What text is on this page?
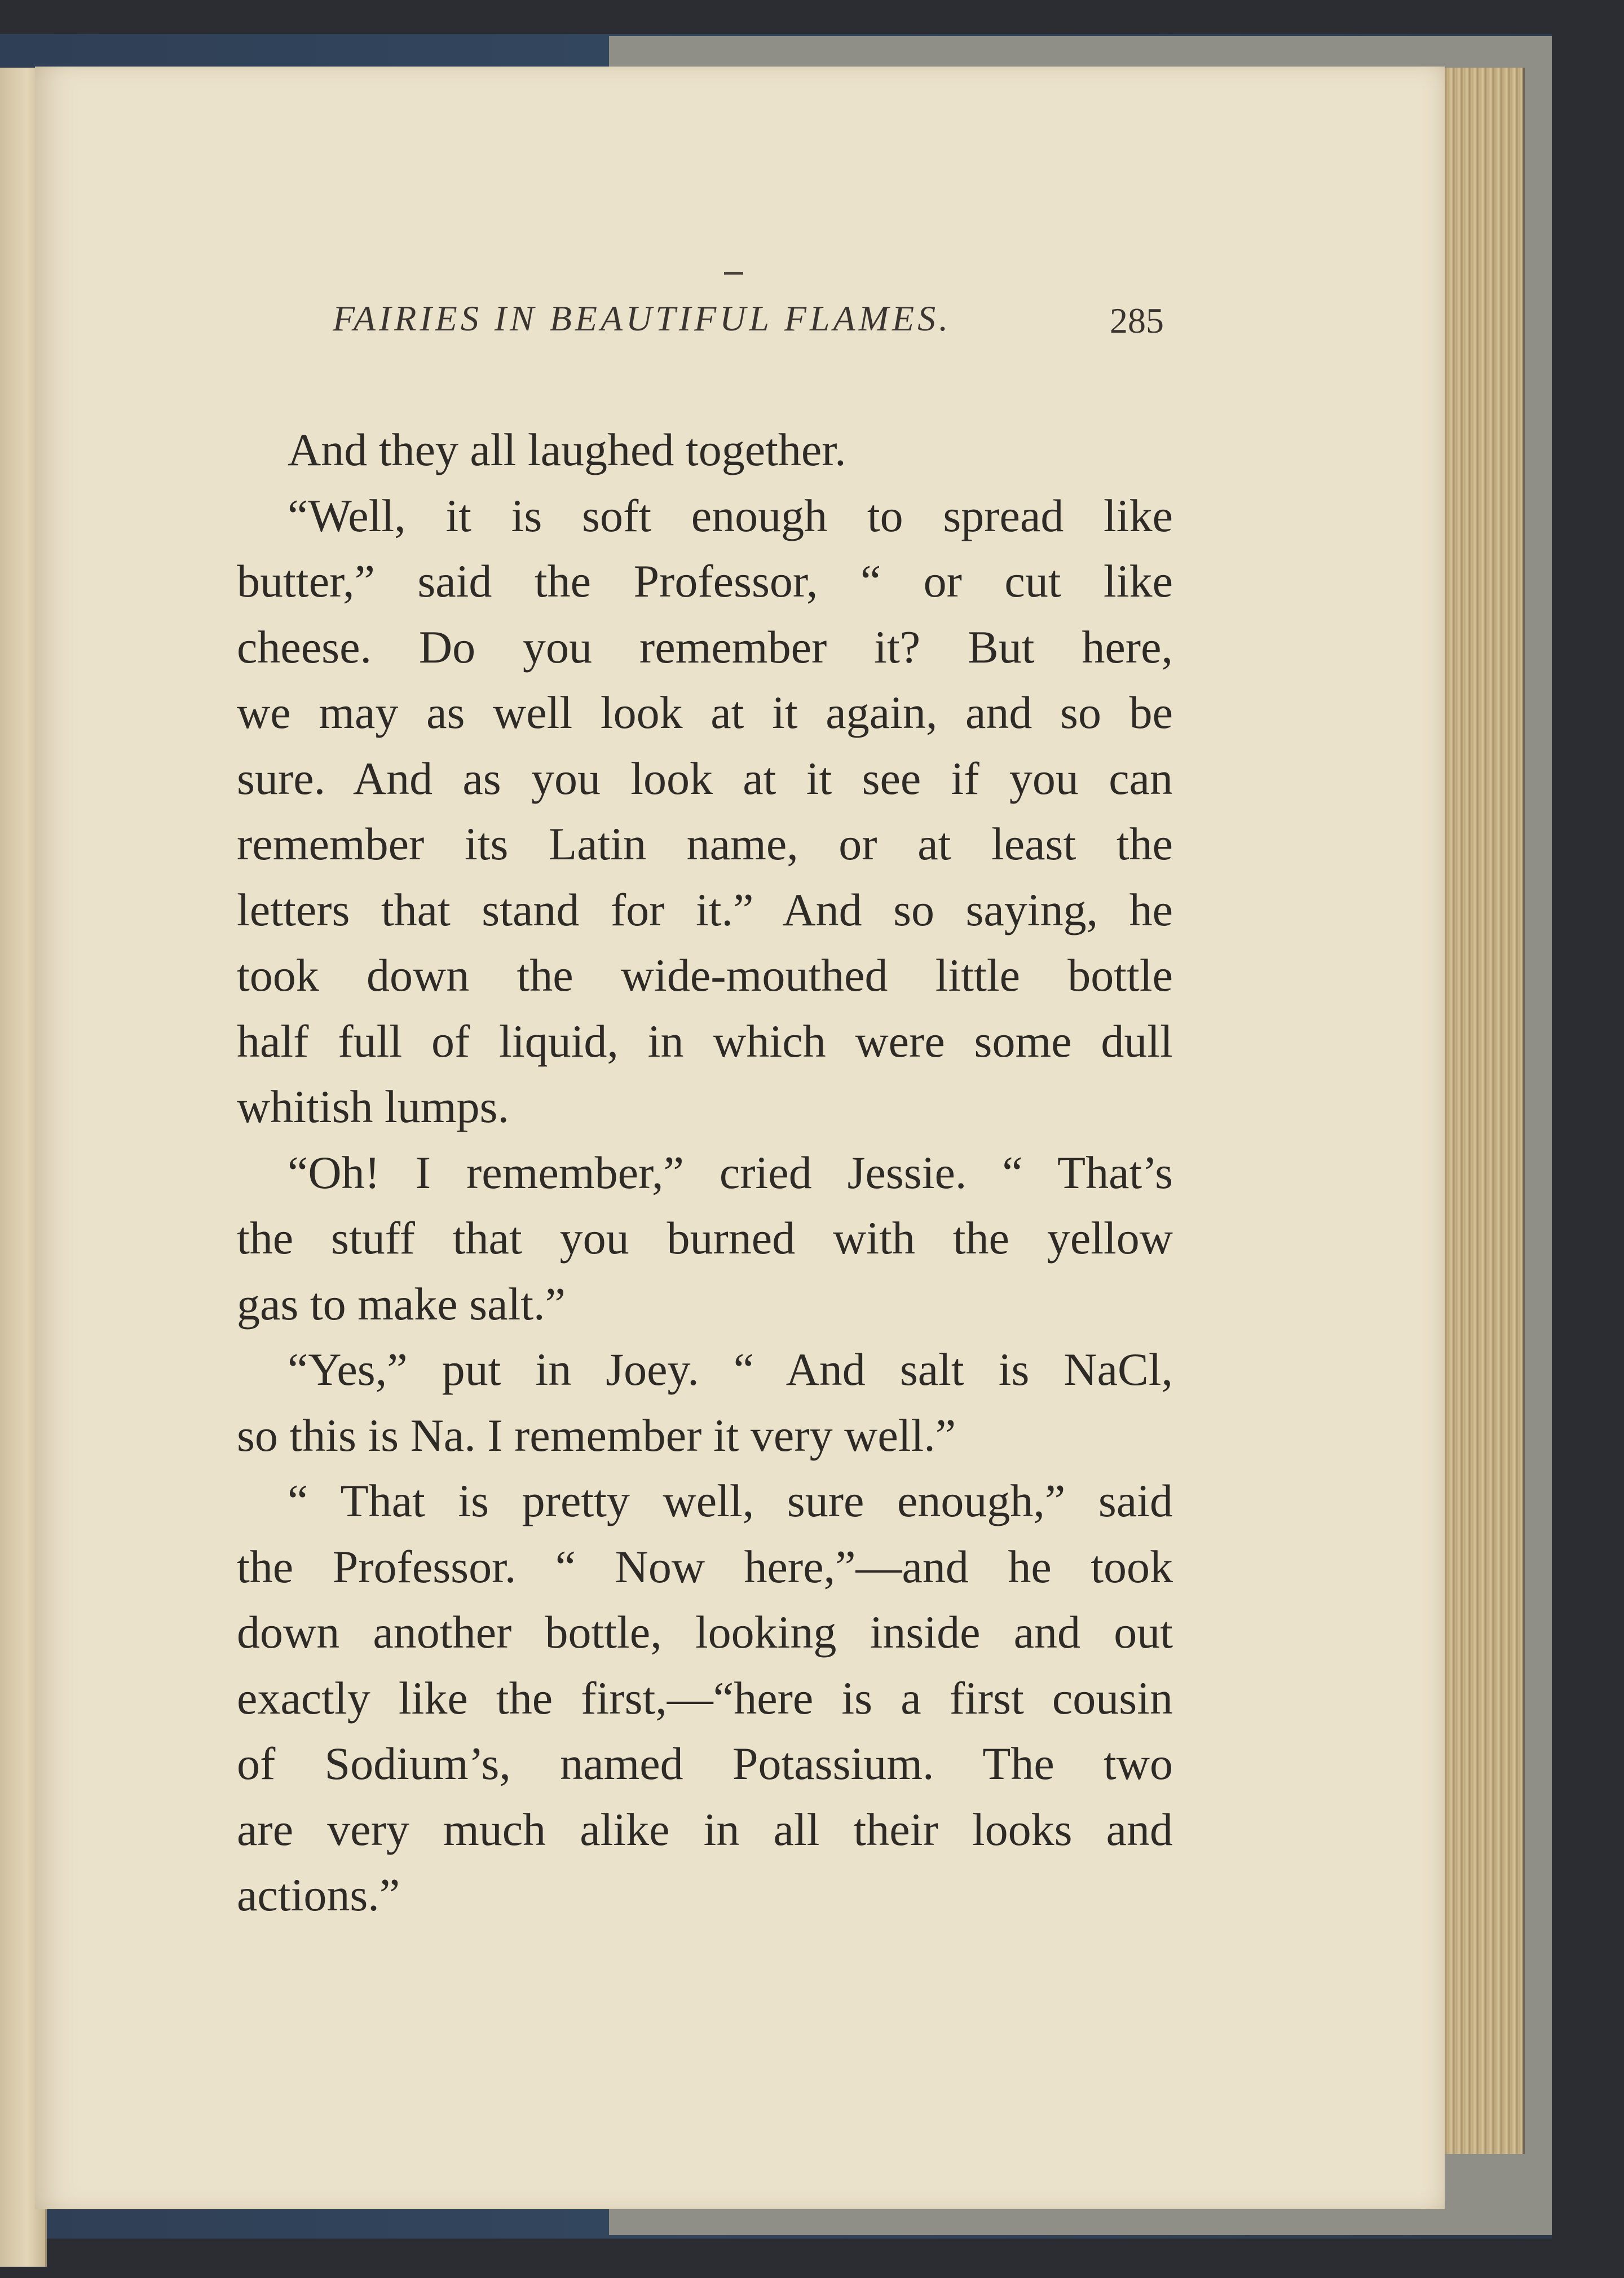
FAIRIES IN BEAUTIFUL FLAMES.	285
And they all laughed together.
“Well, it is soft enough to spread like
butter,” said the Professor, “ or cut like
cheese. Do you remember it? But here,
we may as well look at it again, and so be
sure. And as you look at it see if you can
remember its Latin name, or at least the
letters that stand for it.” And so saying, he
took down the wide-mouthed little bottle
half full of liquid, in which were some dull
whitish lumps.
“Oh! I remember,” cried Jessie. “ That’s
the stuff that you burned with the yellow
gas to make salt.”
“Yes,” put in Joey. “ And salt is NaCl,
so this is Na. I remember it very well.”
“ That is pretty well, sure enough,” said
the Professor. “ Now here,”—and he took
down another bottle, looking inside and out
exactly like the first,—“here is a first cousin
of Sodium’s, named Potassium. The two
are very much alike in all their looks and
actions.”
